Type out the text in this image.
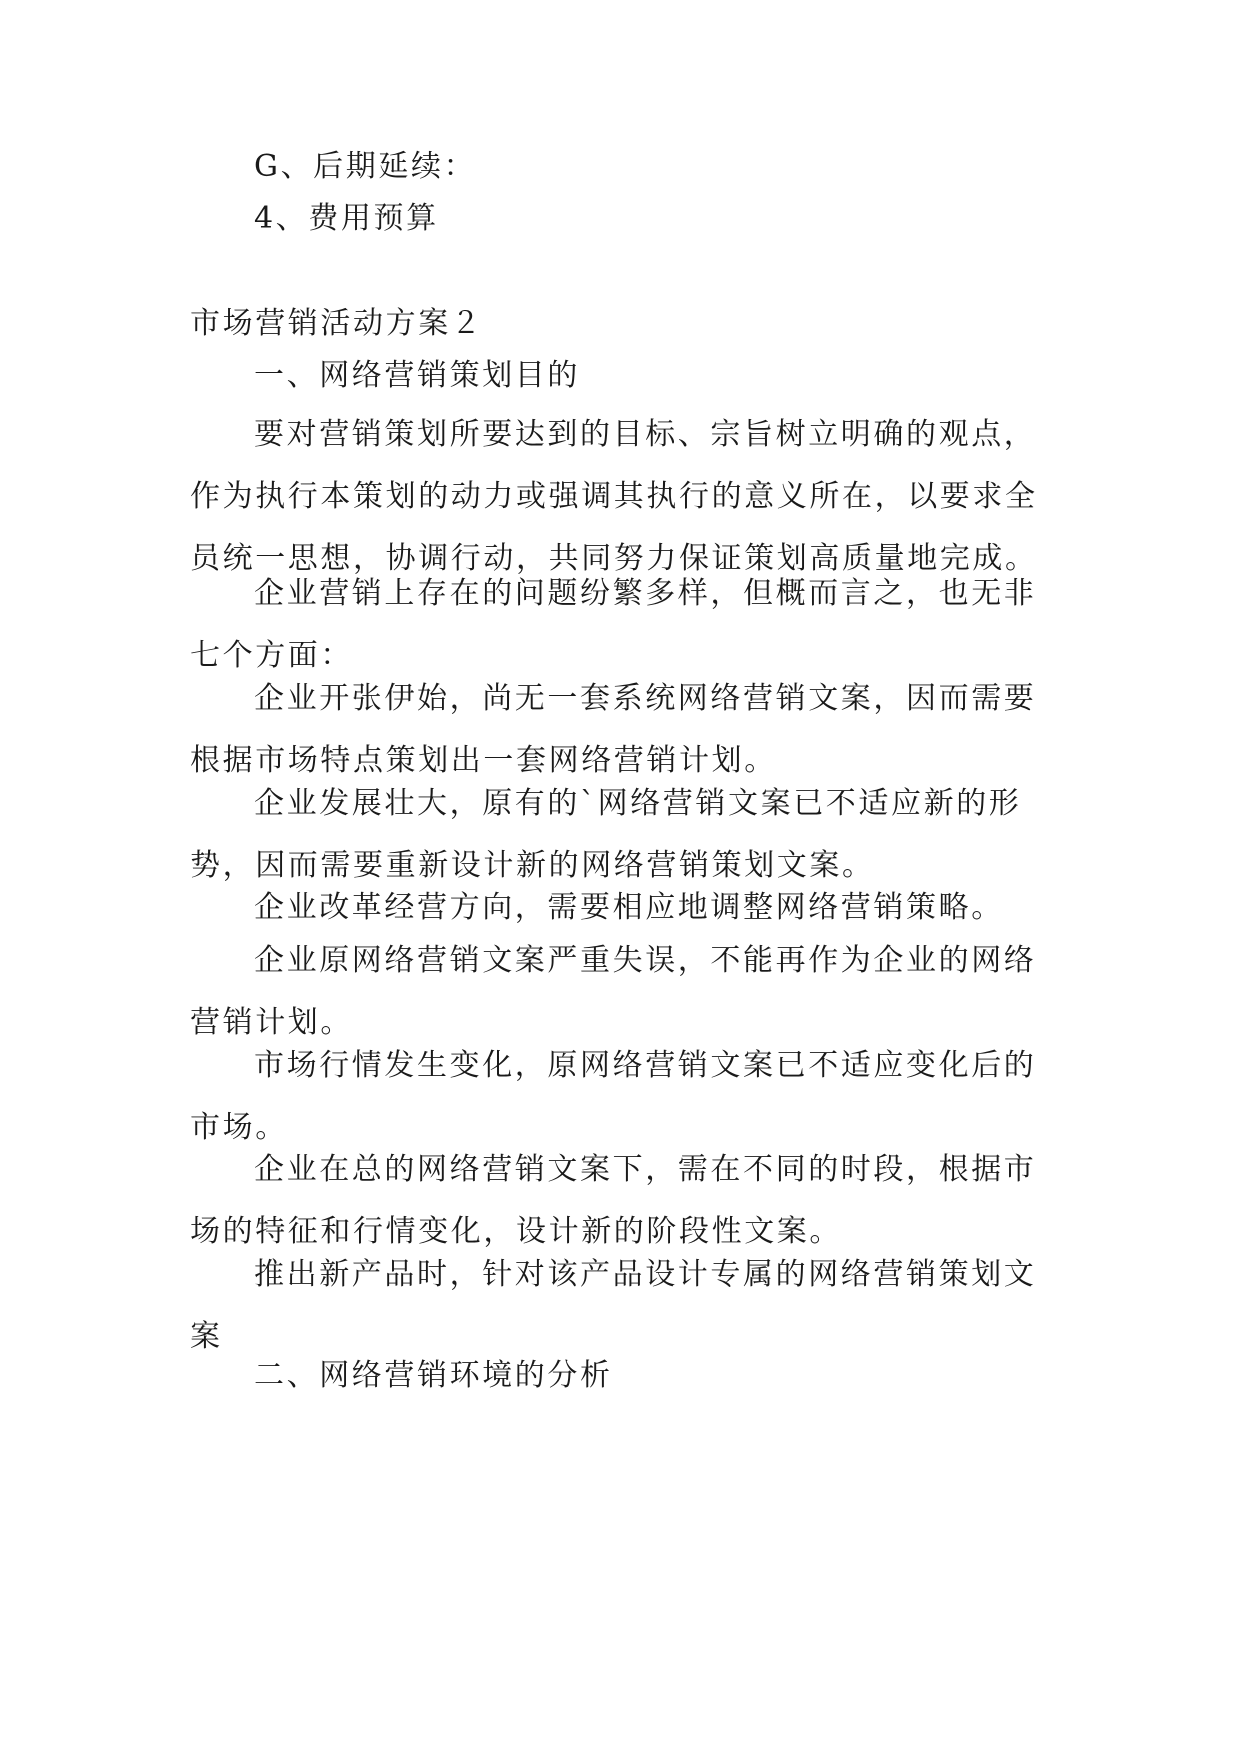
G、后期延续：

4、费用预算

市场营销活动方案２

一、网络营销策划目的

要对营销策划所要达到的目标、宗旨树立明确的观点，
作为执行本策划的动力或强调其执行的意义所在，以要求全
员统一思想，协调行动，共同努力保证策划高质量地完成。
企业营销上存在的问题纷繁多样，但概而言之，也无非
七个方面：
企业开张伊始，尚无一套系统网络营销文案，因而需要
根据市场特点策划出一套网络营销计划。
企业发展壮大，原有的`网络营销文案已不适应新的形
势，因而需要重新设计新的网络营销策划文案。
企业改革经营方向，需要相应地调整网络营销策略。
企业原网络营销文案严重失误，不能再作为企业的网络
营销计划。
市场行情发生变化，原网络营销文案已不适应变化后的
市场。
企业在总的网络营销文案下，需在不同的时段，根据市
场的特征和行情变化，设计新的阶段性文案。
推出新产品时，针对该产品设计专属的网络营销策划文
案

二、网络营销环境的分析
